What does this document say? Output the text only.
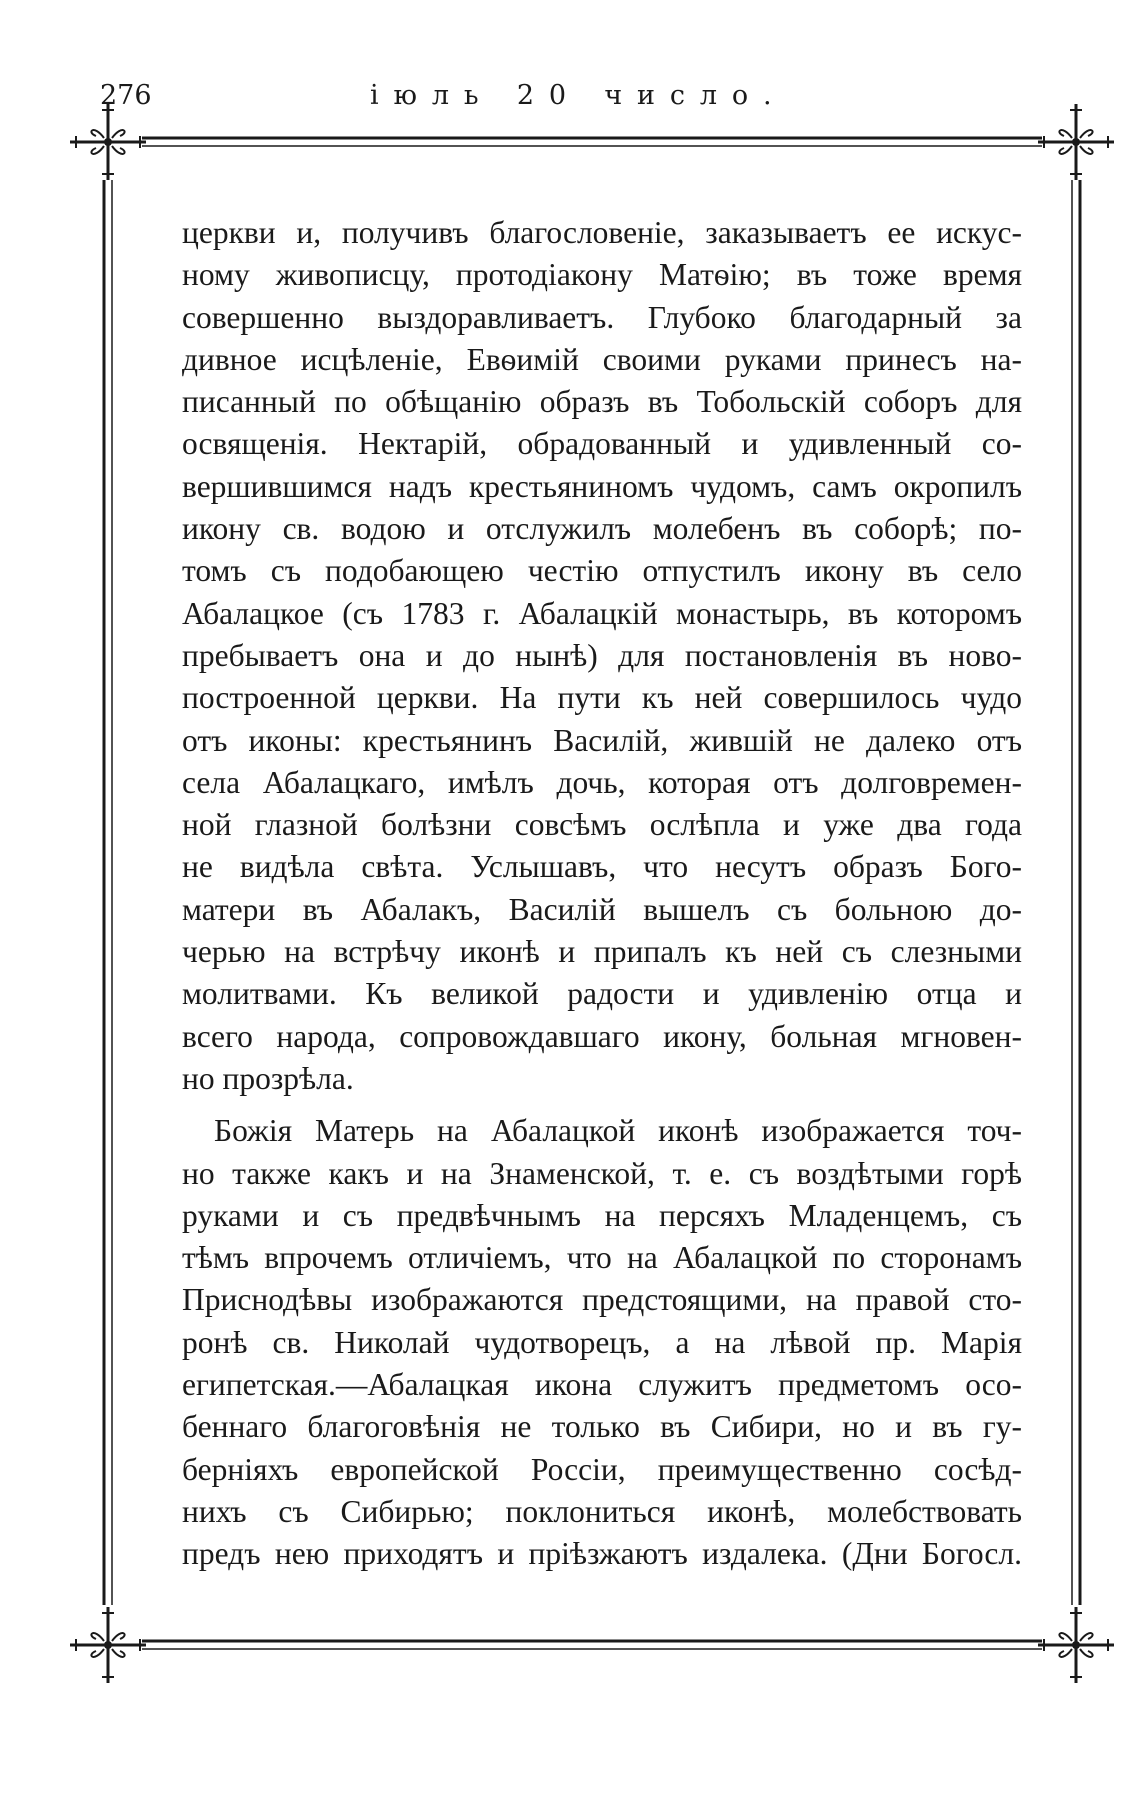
276	іюль 20 число.
церкви и, получивъ благословеніе, заказываетъ ее искус-
ному живописцу, протодіакону Матѳію; въ тоже время
совершенно выздоравливаетъ. Глубоко благодарный за
дивное исцѣленіе, Евѳимій своими руками принесъ на-
писанный по обѣщанію образъ въ Тобольскій соборъ для
освященія. Нектарій, обрадованный и удивленный со-
вершившимся надъ крестьяниномъ чудомъ, самъ окропилъ
икону св. водою и отслужилъ молебенъ въ соборѣ; по-
томъ съ подобающею честію отпустилъ икону въ село
Абалацкое (съ 1783 г. Абалацкій монастырь, въ которомъ
пребываетъ она и до нынѣ) для постановленія въ ново-
построенной церкви. На пути къ ней совершилось чудо
отъ иконы: крестьянинъ Василій, жившій не далеко отъ
села Абалацкаго, имѣлъ дочь, которая отъ долговремен-
ной глазной болѣзни совсѣмъ ослѣпла и уже два года
не видѣла свѣта. Услышавъ, что несутъ образъ Бого-
матери въ Абалакъ, Василій вышелъ съ больною до-
черью на встрѣчу иконѣ и припалъ къ ней съ слезными
молитвами. Къ великой радости и удивленію отца и
всего народа, сопровождавшаго икону, больная мгновен-
но прозрѣла.
Божія Матерь на Абалацкой иконѣ изображается точ-
но также какъ и на Знаменской, т. е. съ воздѣтыми горѣ
руками и съ предвѣчнымъ на персяхъ Младенцемъ, съ
тѣмъ впрочемъ отличіемъ, что на Абалацкой по сторонамъ
Приснодѣвы изображаются предстоящими, на правой сто-
ронѣ св. Николай чудотворецъ, а на лѣвой пр. Марія
египетская.—Абалацкая икона служитъ предметомъ осо-
беннаго благоговѣнія не только въ Сибири, но и въ гу-
берніяхъ европейской Россіи, преимущественно сосѣд-
нихъ съ Сибирью; поклониться иконѣ, молебствовать
предъ нею приходятъ и пріѣзжаютъ издалека. (Дни Богосл.
